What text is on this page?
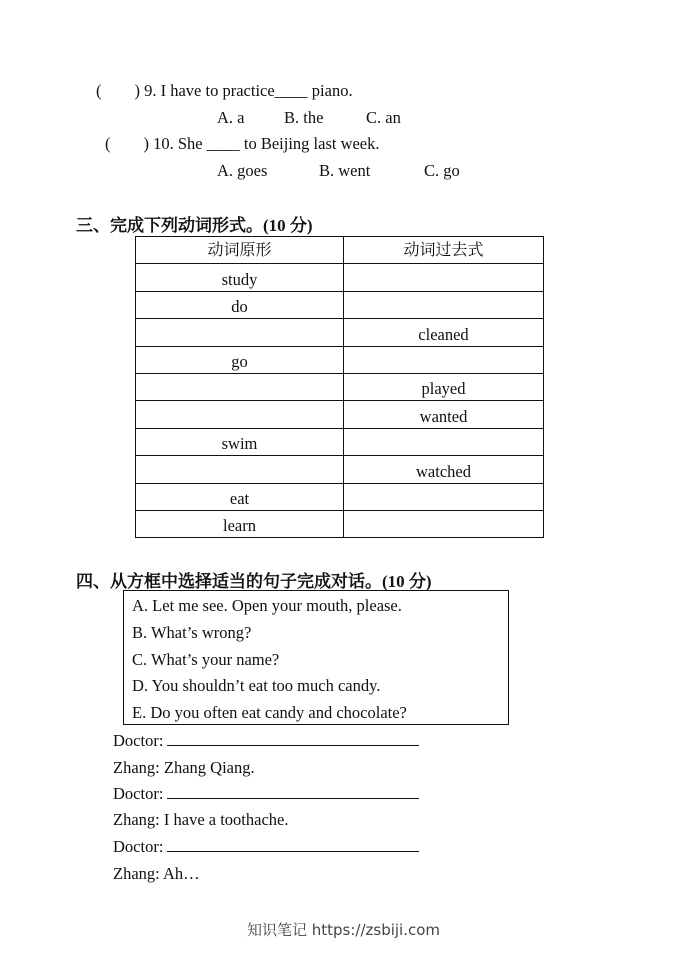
(        ) 9. I have to practice____ piano.
A. a B. the	C. an
(        ) 10. She ____ to Beijing last week.
A. goes	B. went	C. go
三、完成下列动词形式。(10 分)
动词原形	动词过去式
study	
do	
	cleaned
go	
	played
	wanted
swim	
	watched
eat	
learn	
四、从方框中选择适当的句子完成对话。(10 分)
A. Let me see. Open your mouth, please.
B. What’s wrong?
C. What’s your name?
D. You shouldn’t eat too much candy.
E. Do you often eat candy and chocolate?
Doctor:
Zhang: Zhang Qiang.
Doctor:
Zhang: I have a toothache.
Doctor:
Zhang: Ah…
知识笔记 https://zsbiji.com
